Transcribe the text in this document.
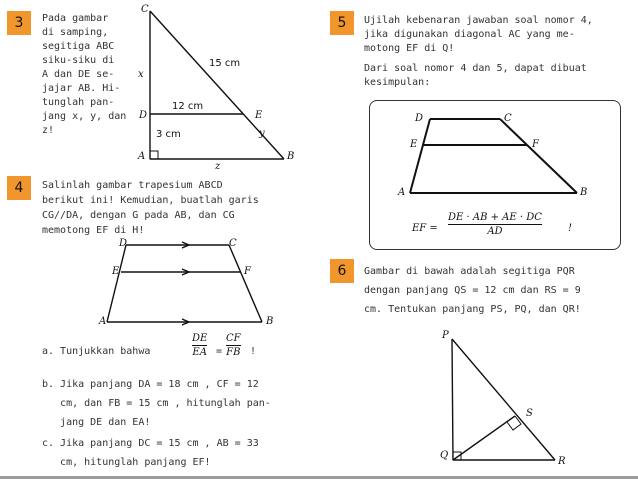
3	Pada gambar
di samping,
segitiga ABC
siku-siku di
A dan DE se-
jajar AB. Hi-
tunglah pan-
jang x, y, dan
z!
C
D	E
A	B
x
y
z
15 cm
12 cm
3 cm
4	Salinlah gambar trapesium ABCD
berikut ini! Kemudian, buatlah garis
CG//DA, dengan G pada AB, dan CG
memotong EF di H!
D	C
E	F
A	B
a. Tunjukkan bahwa
DE
EA =
CF
FB !
b. Jika panjang DA = 18 cm , CF = 12
cm, dan FB = 15 cm , hitunglah pan-
jang DE dan EA!
c. Jika panjang DC = 15 cm , AB = 33
cm, hitunglah panjang EF!
5	Ujilah kebenaran jawaban soal nomor 4,
jika digunakan diagonal AC yang me-
motong EF di Q!
Dari soal nomor 4 dan 5, dapat dibuat
kesimpulan:
D	C
E	F
A	B
EF =
DE · AB + AE · DC
AD	!
6	Gambar di bawah adalah segitiga PQR
dengan panjang QS = 12 cm dan RS = 9
cm. Tentukan panjang PS, PQ, dan QR!
P
Q
R
S
